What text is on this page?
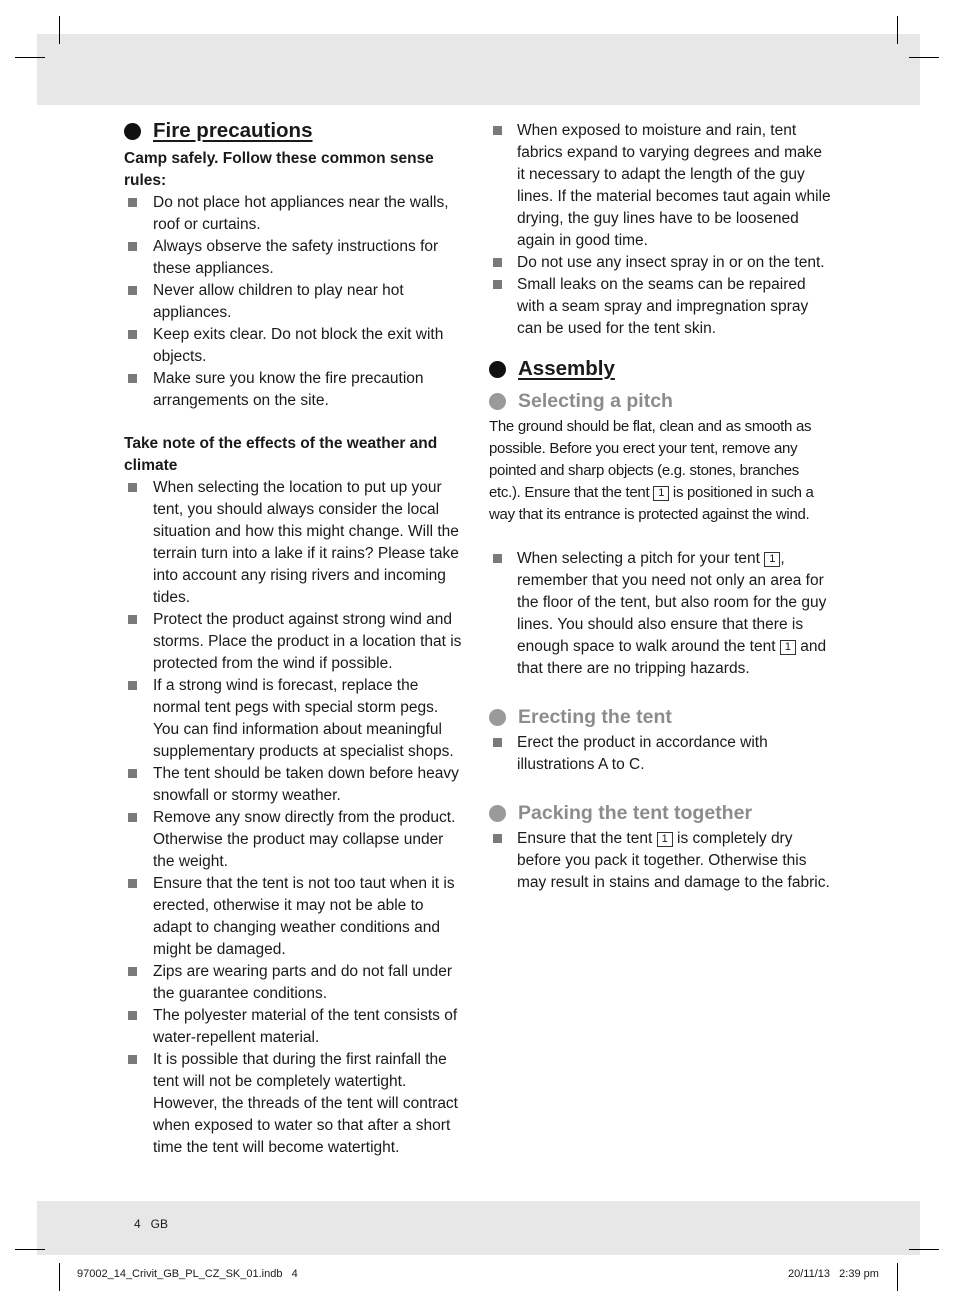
Fire precautions
Camp safely. Follow these common sense rules:
Do not place hot appliances near the walls, roof or curtains.
Always observe the safety instructions for these appliances.
Never allow children to play near hot appliances.
Keep exits clear. Do not block the exit with objects.
Make sure you know the fire precaution arrangements on the site.
Take note of the effects of the weather and climate
When selecting the location to put up your tent, you should always consider the local situation and how this might change. Will the terrain turn into a lake if it rains? Please take into account any rising rivers and incoming tides.
Protect the product against strong wind and storms. Place the product in a location that is protected from the wind if possible.
If a strong wind is forecast, replace the normal tent pegs with special storm pegs. You can find information about meaningful supplementary products at specialist shops.
The tent should be taken down before heavy snowfall or stormy weather.
Remove any snow directly from the product. Otherwise the product may collapse under the weight.
Ensure that the tent is not too taut when it is erected, otherwise it may not be able to adapt to changing weather conditions and might be damaged.
Zips are wearing parts and do not fall under the guarantee conditions.
The polyester material of the tent consists of water-repellent material.
It is possible that during the first rainfall the tent will not be completely watertight. However, the threads of the tent will contract when exposed to water so that after a short time the tent will become watertight.
When exposed to moisture and rain, tent fabrics expand to varying degrees and make it necessary to adapt the length of the guy lines. If the material becomes taut again while drying, the guy lines have to be loosened again in good time.
Do not use any insect spray in or on the tent.
Small leaks on the seams can be repaired with a seam spray and impregnation spray can be used for the tent skin.
Assembly
Selecting a pitch
The ground should be flat, clean and as smooth as possible. Before you erect your tent, remove any pointed and sharp objects (e.g. stones, branches etc.). Ensure that the tent 1 is positioned in such a way that its entrance is protected against the wind.
When selecting a pitch for your tent 1 , remember that you need not only an area for the floor of the tent, but also room for the guy lines. You should also ensure that there is enough space to walk around the tent 1 and that there are no tripping hazards.
Erecting the tent
Erect the product in accordance with illustrations A to C.
Packing the tent together
Ensure that the tent 1 is completely dry before you pack it together. Otherwise this may result in stains and damage to the fabric.
4   GB
97002_14_Crivit_GB_PL_CZ_SK_01.indb   4	20/11/13   2:39 pm
